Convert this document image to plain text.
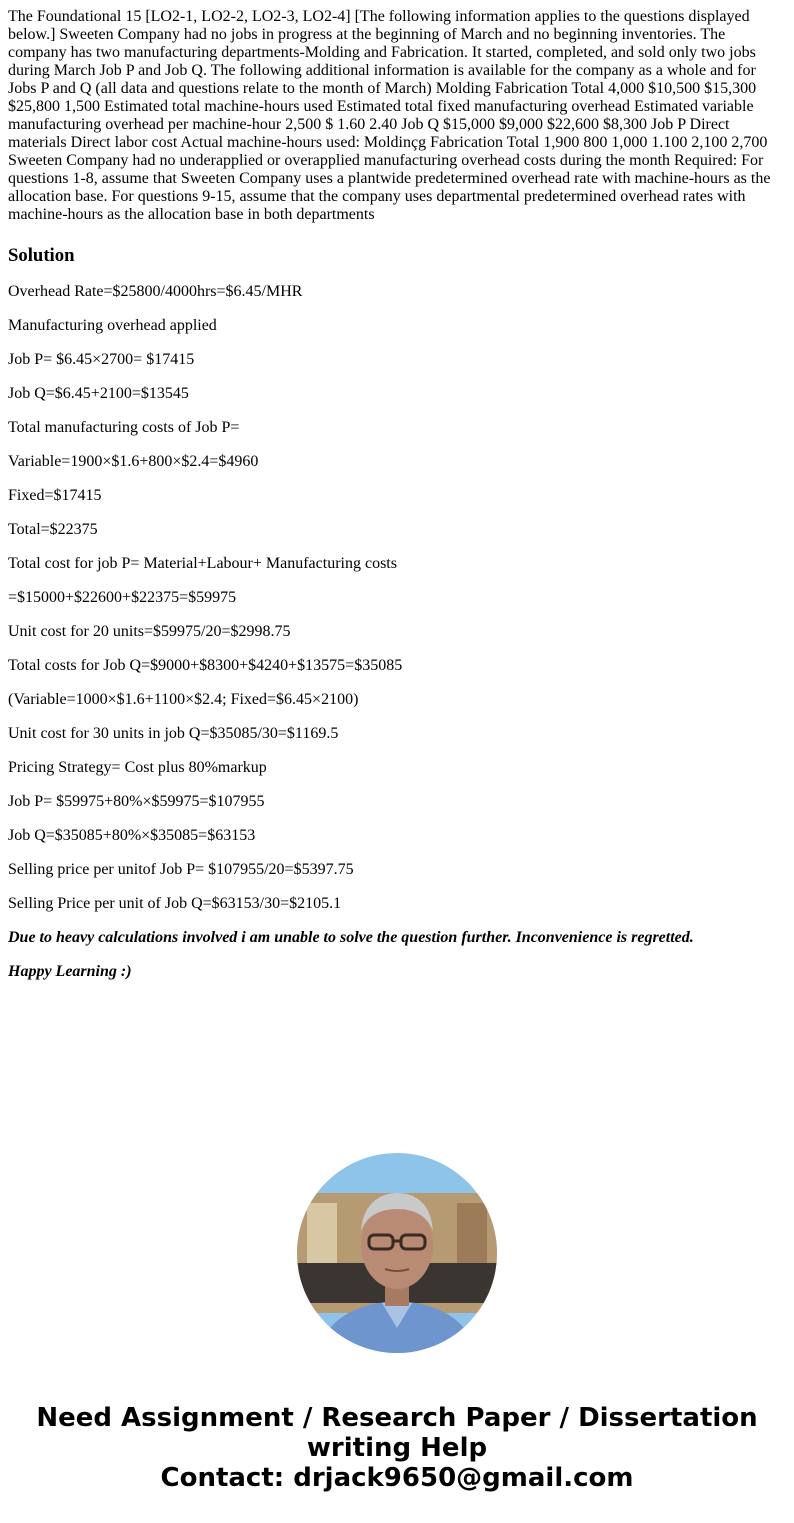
The Foundational 15 [LO2-1, LO2-2, LO2-3, LO2-4] [The following information applies to the questions displayed below.] Sweeten Company had no jobs in progress at the beginning of March and no beginning inventories. The company has two manufacturing departments-Molding and Fabrication. It started, completed, and sold only two jobs during March Job P and Job Q. The following additional information is available for the company as a whole and for Jobs P and Q (all data and questions relate to the month of March) Molding Fabrication Total 4,000 $10,500 $15,300 $25,800 1,500 Estimated total machine-hours used Estimated total fixed manufacturing overhead Estimated variable manufacturing overhead per machine-hour 2,500 $ 1.60 2.40 Job Q $15,000 $9,000 $22,600 $8,300 Job P Direct materials Direct labor cost Actual machine-hours used: Moldinçg Fabrication Total 1,900 800 1,000 1.100 2,100 2,700 Sweeten Company had no underapplied or overapplied manufacturing overhead costs during the month Required: For questions 1-8, assume that Sweeten Company uses a plantwide predetermined overhead rate with machine-hours as the allocation base. For questions 9-15, assume that the company uses departmental predetermined overhead rates with machine-hours as the allocation base in both departments

Solution

Overhead Rate=$25800/4000hrs=$6.45/MHR

Manufacturing overhead applied

Job P= $6.45×2700= $17415

Job Q=$6.45+2100=$13545

Total manufacturing costs of Job P=

Variable=1900×$1.6+800×$2.4=$4960

Fixed=$17415

Total=$22375

Total cost for job P= Material+Labour+ Manufacturing costs

=$15000+$22600+$22375=$59975

Unit cost for 20 units=$59975/20=$2998.75

Total costs for Job Q=$9000+$8300+$4240+$13575=$35085

(Variable=1000×$1.6+1100×$2.4; Fixed=$6.45×2100)

Unit cost for 30 units in job Q=$35085/30=$1169.5

Pricing Strategy= Cost plus 80%markup

Job P= $59975+80%×$59975=$107955

Job Q=$35085+80%×$35085=$63153

Selling price per unitof Job P= $107955/20=$5397.75

Selling Price per unit of Job Q=$63153/30=$2105.1

Due to heavy calculations involved i am unable to solve the question further. Inconvenience is regretted.

Happy Learning :)

Need Assignment / Research Paper / Dissertation
writing Help
Contact: drjack9650@gmail.com
